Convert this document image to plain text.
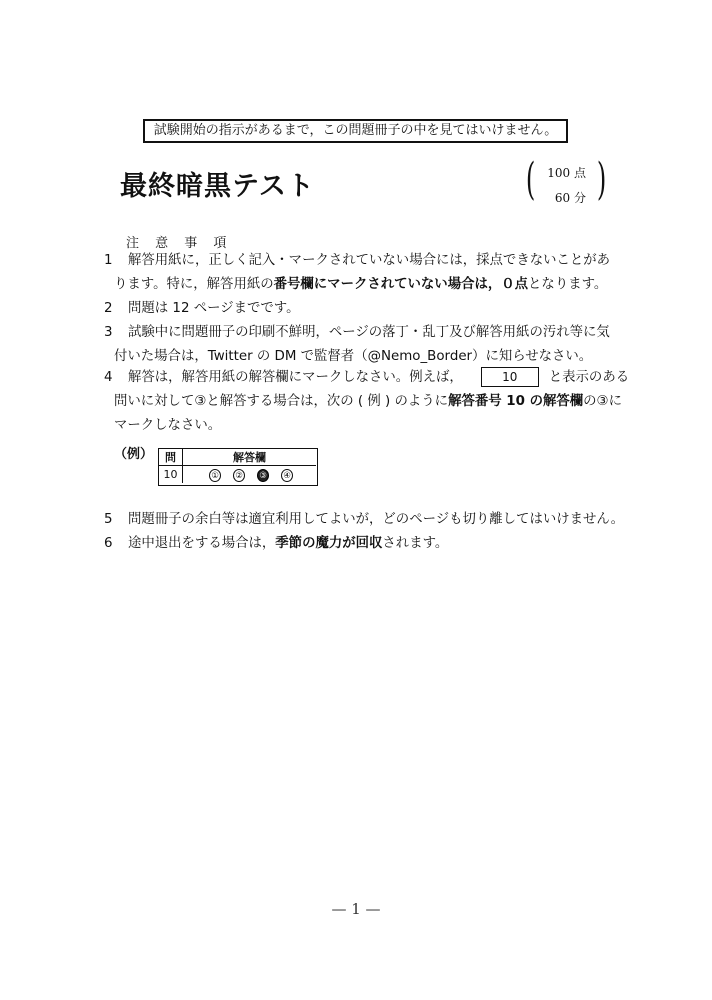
試験開始の指示があるまで，この問題冊子の中を見てはいけません。
最終暗黒テスト	( 100 点
60 分 )
注 意 事 項
1 解答用紙に，正しく記入・マークされていない場合には，採点できないことがあ
ります。特に，解答用紙の番号欄にマークされていない場合は，０点となります。
2 問題は 12 ページまでです。
3 試験中に問題冊子の印刷不鮮明，ページの落丁・乱丁及び解答用紙の汚れ等に気
付いた場合は，Twitter の DM で監督者（@Nemo_Border）に知らせなさい。
4 解答は，解答用紙の解答欄にマークしなさい。例えば，	10 と表示のある
問いに対して③と解答する場合は，次の ( 例 ) のように解答番号 10 の解答欄の③に
マークしなさい。
（例）	問	解答欄
10	① ② ③ ④
5 問題冊子の余白等は適宜利用してよいが，どのページも切り離してはいけません。
6 途中退出をする場合は，季節の魔力が回収されます。
— 1 —
